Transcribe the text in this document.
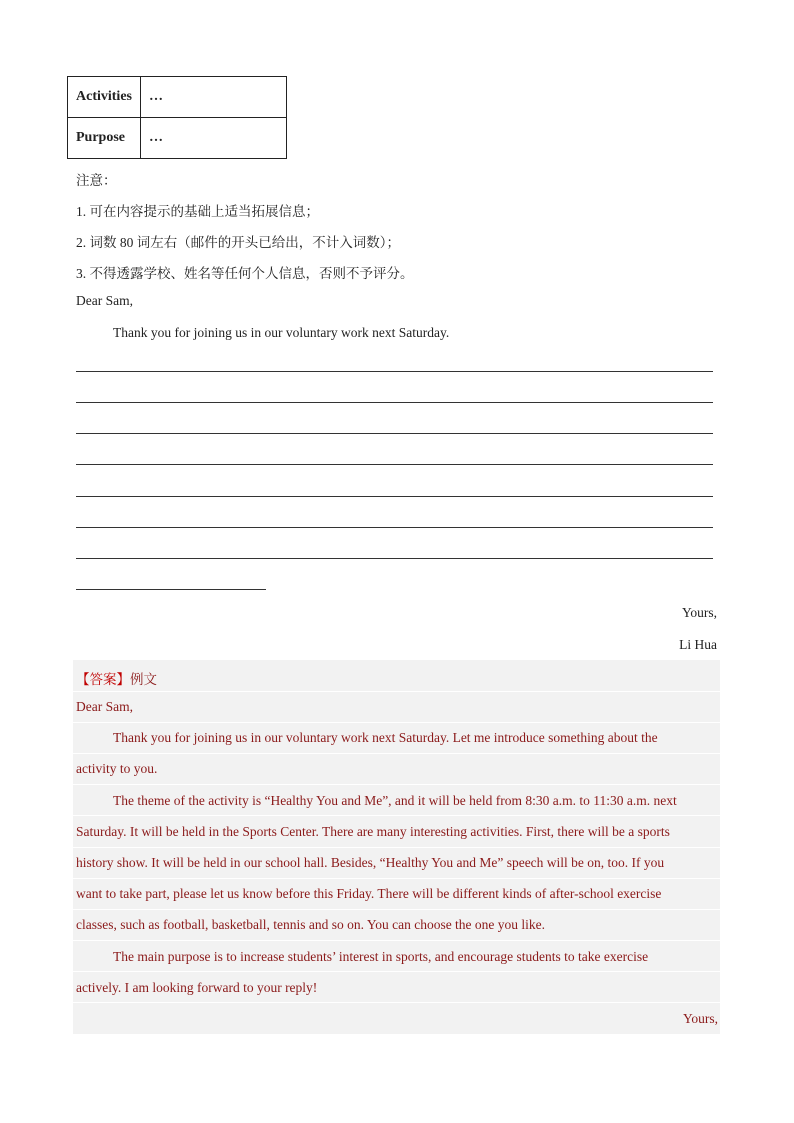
Activities	…
Purpose	…
注意：
1. 可在内容提示的基础上适当拓展信息；
2. 词数 80 词左右（邮件的开头已给出，不计入词数）；
3. 不得透露学校、姓名等任何个人信息，否则不予评分。
Dear Sam,
Thank you for joining us in our voluntary work next Saturday.
Yours,
Li Hua
【答案】例文
Dear Sam,
Thank you for joining us in our voluntary work next Saturday. Let me introduce something about the
activity to you.
The theme of the activity is “Healthy You and Me”, and it will be held from 8:30 a.m. to 11:30 a.m. next
Saturday. It will be held in the Sports Center. There are many interesting activities. First, there will be a sports
history show. It will be held in our school hall. Besides, “Healthy You and Me” speech will be on, too. If you
want to take part, please let us know before this Friday. There will be different kinds of after-school exercise
classes, such as football, basketball, tennis and so on. You can choose the one you like.
The main purpose is to increase students’ interest in sports, and encourage students to take exercise
actively. I am looking forward to your reply!
Yours,
